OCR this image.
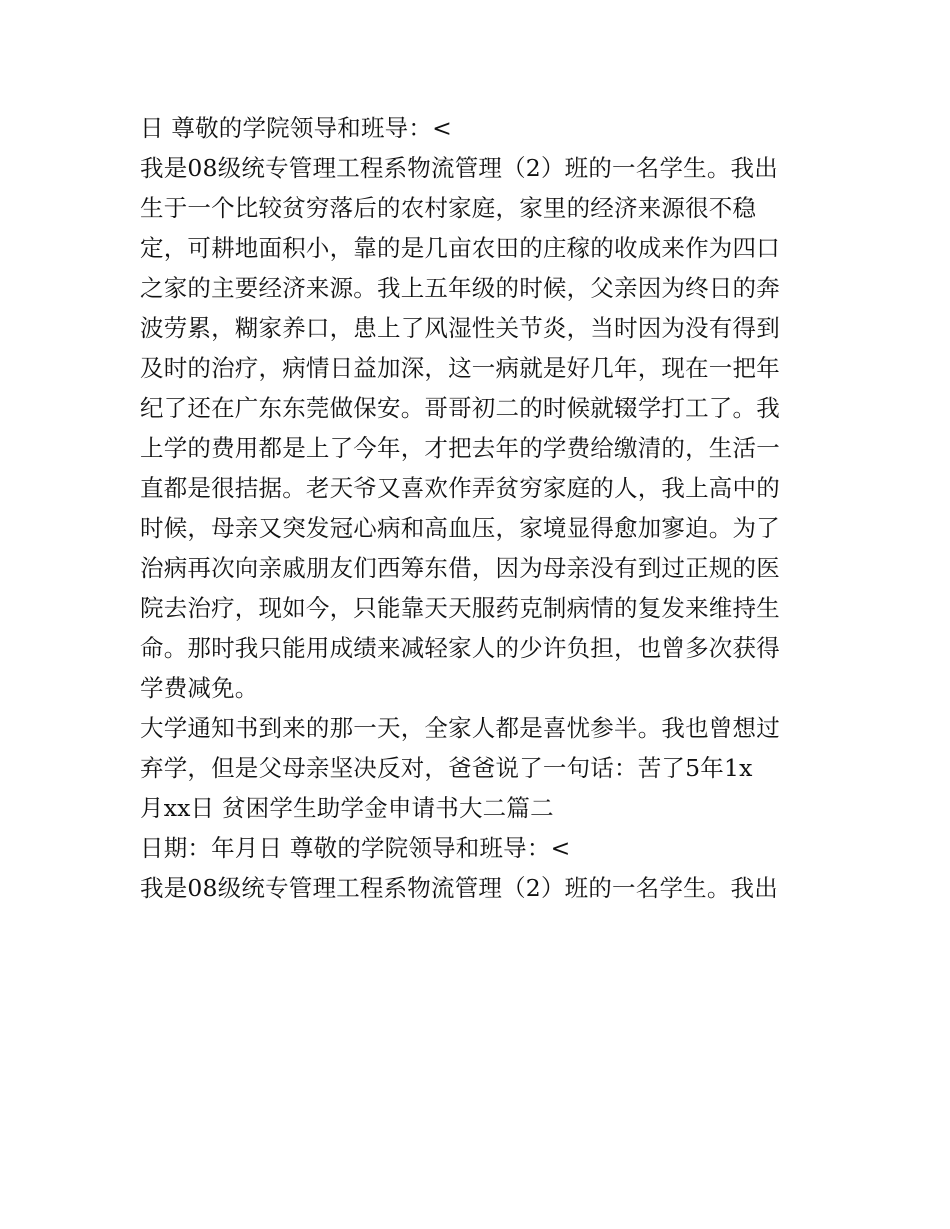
日 尊敬的学院领导和班导：<

我是08级统专管理工程系物流管理（2）班的一名学生。我出

生于一个比较贫穷落后的农村家庭，家里的经济来源很不稳

定，可耕地面积小，靠的是几亩农田的庄稼的收成来作为四口

之家的主要经济来源。我上五年级的时候，父亲因为终日的奔

波劳累，糊家养口，患上了风湿性关节炎，当时因为没有得到

及时的治疗，病情日益加深，这一病就是好几年，现在一把年

纪了还在广东东莞做保安。哥哥初二的时候就辍学打工了。我

上学的费用都是上了今年，才把去年的学费给缴清的，生活一

直都是很拮据。老天爷又喜欢作弄贫穷家庭的人，我上高中的

时候，母亲又突发冠心病和高血压，家境显得愈加寥迫。为了

治病再次向亲戚朋友们西筹东借，因为母亲没有到过正规的医

院去治疗，现如今，只能靠天天服药克制病情的复发来维持生

命。那时我只能用成绩来减轻家人的少许负担，也曾多次获得

学费减免。

大学通知书到来的那一天，全家人都是喜忧参半。我也曾想过

弃学，但是父母亲坚决反对，爸爸说了一句话：苦了5年1x

月xx日 贫困学生助学金申请书大二篇二

日期：年月日 尊敬的学院领导和班导：<

我是08级统专管理工程系物流管理（2）班的一名学生。我出
